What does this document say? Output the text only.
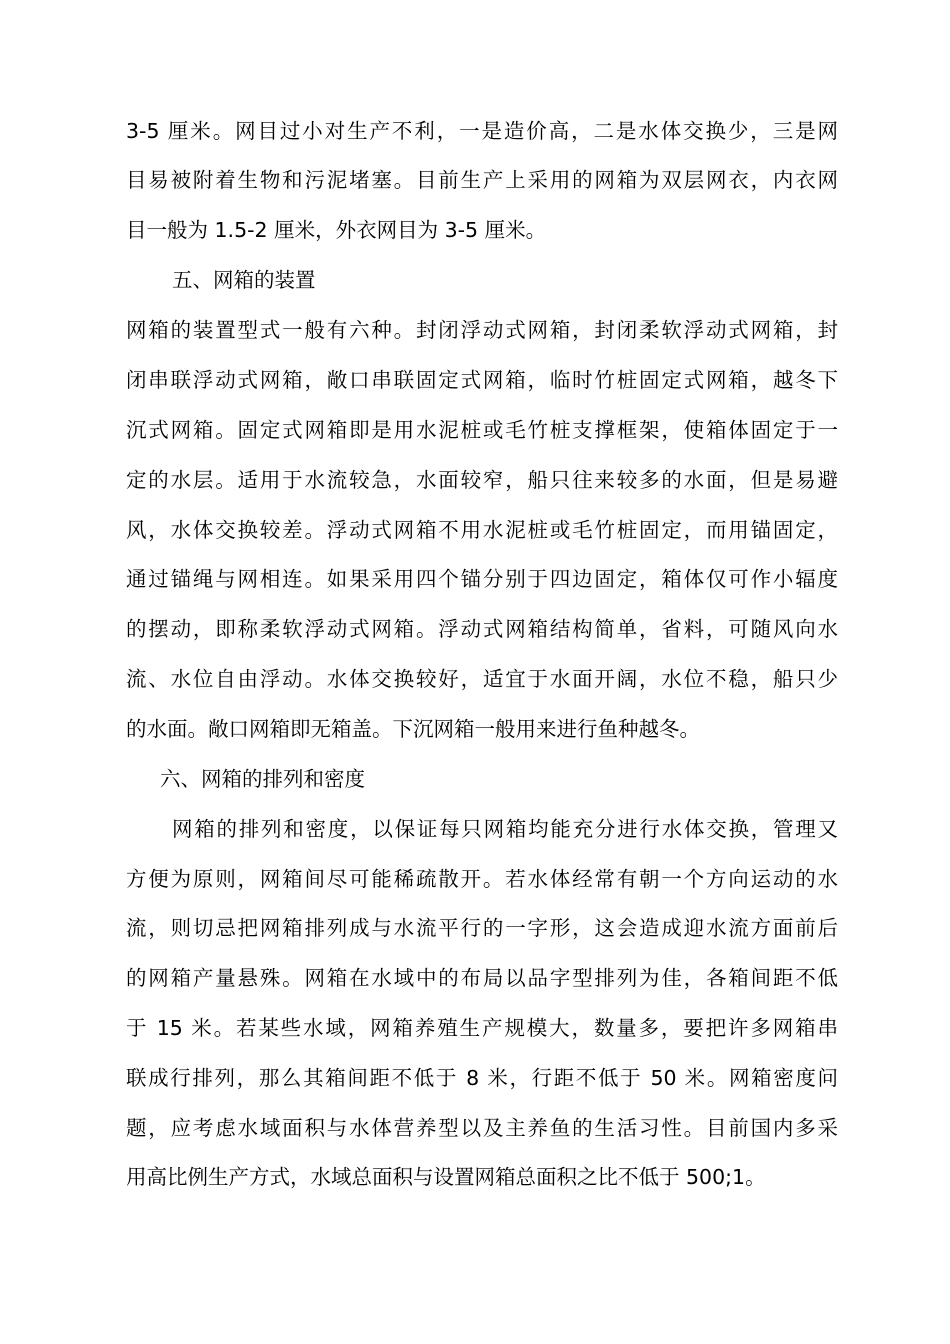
3-5 厘米。网目过小对生产不利，一是造价高，二是水体交换少，三是网
目易被附着生物和污泥堵塞。目前生产上采用的网箱为双层网衣，内衣网
目一般为 1.5-2 厘米，外衣网目为 3-5 厘米。
五、网箱的装置
网箱的装置型式一般有六种。封闭浮动式网箱，封闭柔软浮动式网箱，封
闭串联浮动式网箱，敞口串联固定式网箱，临时竹桩固定式网箱，越冬下
沉式网箱。固定式网箱即是用水泥桩或毛竹桩支撑框架，使箱体固定于一
定的水层。适用于水流较急，水面较窄，船只往来较多的水面，但是易避
风，水体交换较差。浮动式网箱不用水泥桩或毛竹桩固定，而用锚固定，
通过锚绳与网相连。如果采用四个锚分别于四边固定，箱体仅可作小辐度
的摆动，即称柔软浮动式网箱。浮动式网箱结构简单，省料，可随风向水
流、水位自由浮动。水体交换较好，适宜于水面开阔，水位不稳，船只少
的水面。敞口网箱即无箱盖。下沉网箱一般用来进行鱼种越冬。
六、网箱的排列和密度
网箱的排列和密度，以保证每只网箱均能充分进行水体交换，管理又
方便为原则，网箱间尽可能稀疏散开。若水体经常有朝一个方向运动的水
流，则切忌把网箱排列成与水流平行的一字形，这会造成迎水流方面前后
的网箱产量悬殊。网箱在水域中的布局以品字型排列为佳，各箱间距不低
于 15 米。若某些水域，网箱养殖生产规模大，数量多，要把许多网箱串
联成行排列，那么其箱间距不低于 8 米，行距不低于 50 米。网箱密度问
题，应考虑水域面积与水体营养型以及主养鱼的生活习性。目前国内多采
用高比例生产方式，水域总面积与设置网箱总面积之比不低于 500;1。
